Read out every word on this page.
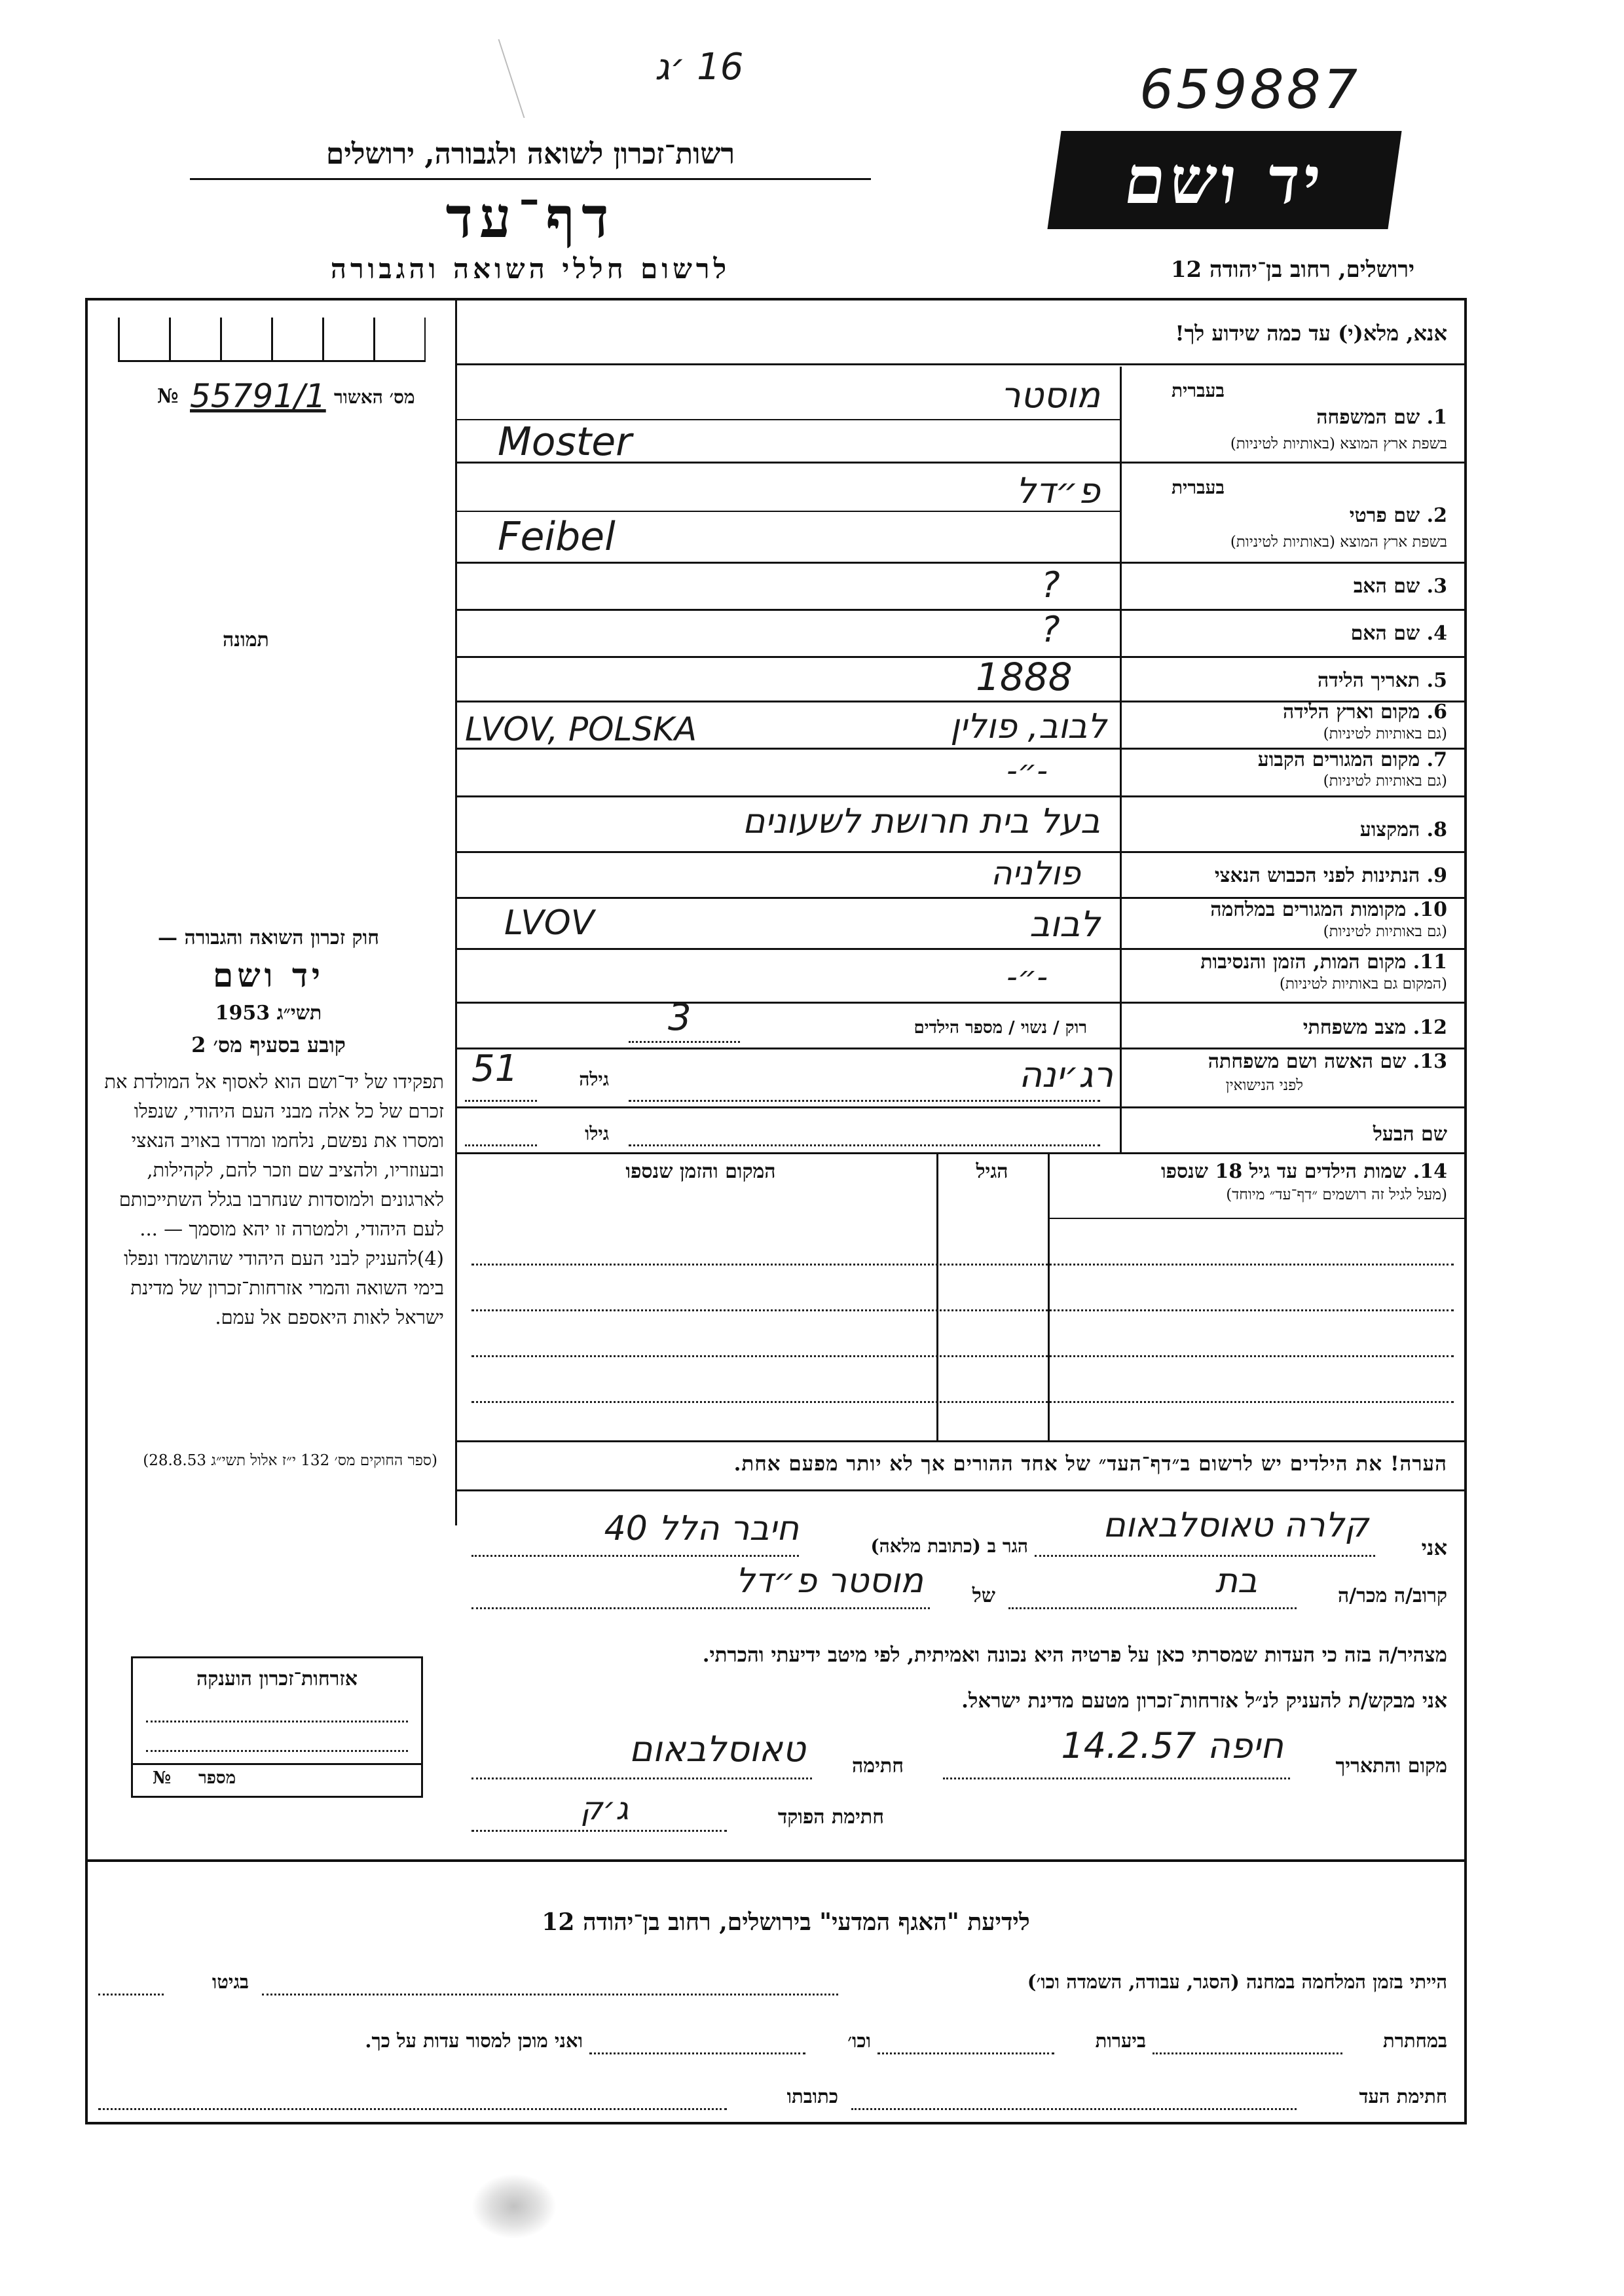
16 ׳ג	659887
רשות־זכרון לשואה ולגבורה, ירושלים
דף־עד
לרשום חללי השואה והגבורה
יד ושם
ירושלים, רחוב בן־יהודה 12
№ 55791/1 מס׳ האשור
תמונה
חוק זכרון השואה והגבורה —
יד ושם
תשי״ג 1953
קובע בסעיף מס׳ 2
תפקידו של יד־ושם הוא לאסוף אל המולדת את זכרם של כל אלה מבני העם היהודי, שנפלו ומסרו את נפשם, נלחמו ומרדו באויב הנאצי ובעוזריו, ולהציב שם וזכר להם, לקהילות, לארגונים ולמוסדות שנחרבו בגלל השתייכותם לעם היהודי, ולמטרה זו יהא מוסמך — ...(4)להעניק לבני העם היהודי שהושמדו ונפלו בימי השואה והמרי אזרחות־זכרון של מדינת ישראל לאות היאספם אל עמם.
(ספר החוקים מס׳ 132 י״ז אלול תשי״ג 28.8.53)
אזרחות־זכרון הוענקה
№ מספר
אנא, מלא(י) עד כמה שידוע לך!
בעברית
1. שם המשפחה
בשפת ארץ המוצא (באותיות לטיניות)
מוסטר
Moster
בעברית
2. שם פרטי
בשפת ארץ המוצא (באותיות לטיניות)
פ״דל
Feibel
3. שם האב
?
4. שם האם
?
5. תאריך הלידה
1888
6. מקום וארץ הלידה
(גם באותיות לטיניות)
לבוב, פולין
LVOV, POLSKA
7. מקום המגורים הקבוע
(גם באותיות לטיניות)
-״-
8. המקצוע
בעל בית חרושת לשעונים
9. הנתינות לפני הכבוש הנאצי
פולניה
10. מקומות המגורים במלחמה
(גם באותיות לטיניות)
לבוב
LVOV
11. מקום המות, הזמן והנסיבות
(המקום גם באותיות לטיניות)
-״-
12. מצב משפחתי
רוק / נשוי / מספר הילדים
3
13. שם האשה ושם משפחתה
לפני הנישואין
רג׳ינה
גילה
51
שם הבעל
גילו
14. שמות הילדים עד גיל 18 שנספו
(מעל לגיל זה רושמים ״דף־עד״ מיוחד)
הגיל
המקום והזמן שנספו
הערה! את הילדים יש לרשום ב״דף־העד״ של אחד ההורים אך לא יותר מפעם אחת.
אני
קלרה טאוסלבאום
הגר ב (כתובת מלאה)
חיבר הלל 40
קרוב/ה מכר/ה
בת
של
מוסטר פ״דל
מצהיר/ה בזה כי העדות שמסרתי כאן על פרטיה היא נכונה ואמיתית, לפי מיטב ידיעתי והכרתי.
אני מבקש/ת להעניק לנ״ל אזרחות־זכרון מטעם מדינת ישראל.
מקום והתאריך
חיפה 14.2.57
חתימה
טאוסלבאום
חתימת הפוקד
ג׳ק
לידיעת "האגף המדעי" בירושלים, רחוב בן־יהודה 12
הייתי בזמן המלחמה במחנה (הסגר, עבודה, השמדה וכו׳)
בגיטו
במחתרת
ביערות
וכו׳
ואני מוכן למסור עדות על כך.
חתימת העד
כתובתו
